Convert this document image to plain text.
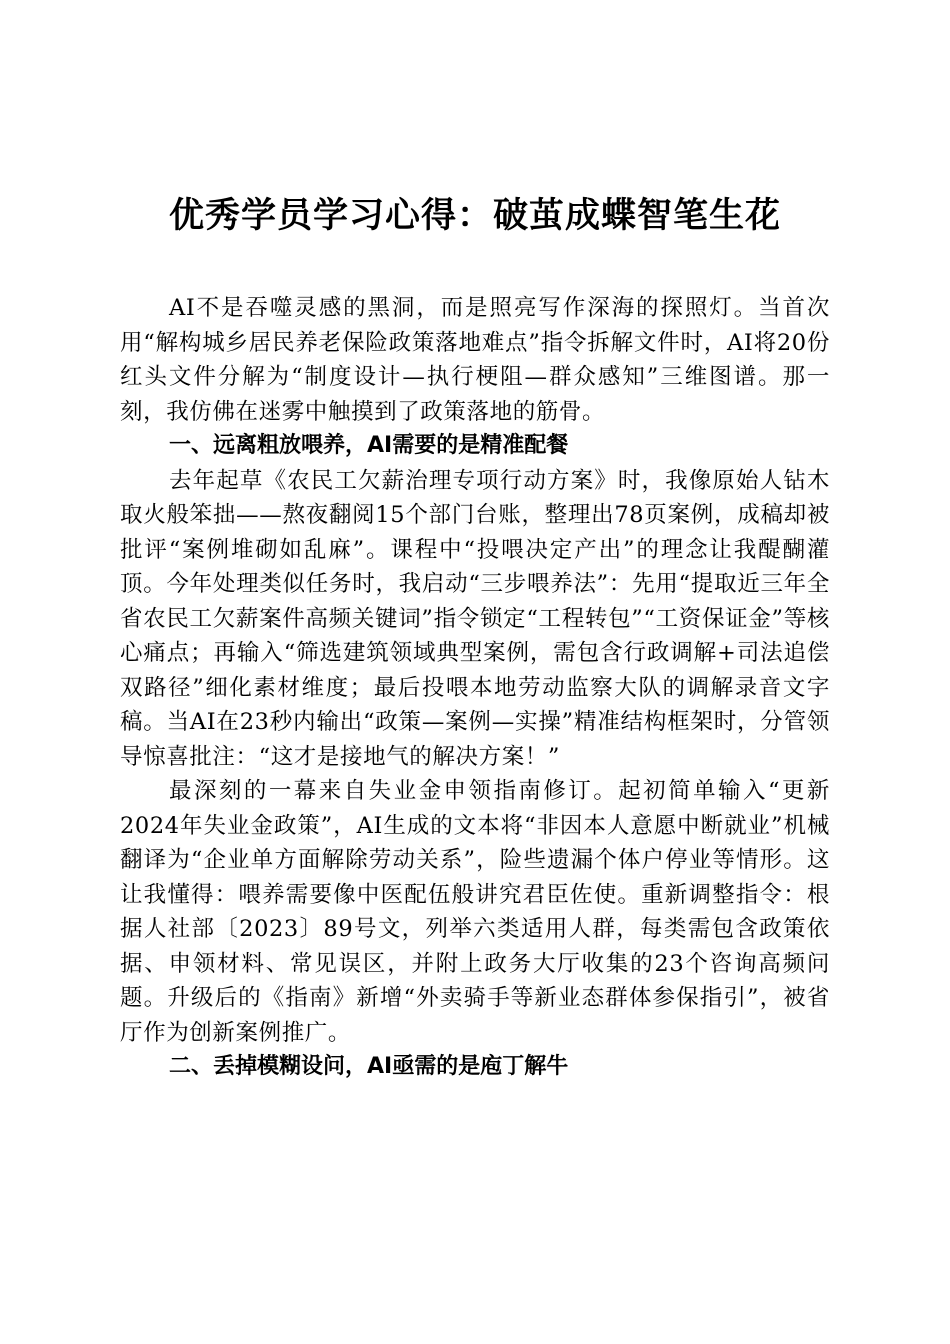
优秀学员学习心得：破茧成蝶智笔生花

AI不是吞噬灵感的黑洞，而是照亮写作深海的探照灯。当首次用“解构城乡居民养老保险政策落地难点”指令拆解文件时，AI将20份红头文件分解为“制度设计—执行梗阻—群众感知”三维图谱。那一刻，我仿佛在迷雾中触摸到了政策落地的筋骨。

一、远离粗放喂养，AI需要的是精准配餐

去年起草《农民工欠薪治理专项行动方案》时，我像原始人钻木取火般笨拙——熬夜翻阅15个部门台账，整理出78页案例，成稿却被批评“案例堆砌如乱麻”。课程中“投喂决定产出”的理念让我醍醐灌顶。今年处理类似任务时，我启动“三步喂养法”：先用“提取近三年全省农民工欠薪案件高频关键词”指令锁定“工程转包”“工资保证金”等核心痛点；再输入“筛选建筑领域典型案例，需包含行政调解+司法追偿双路径”细化素材维度；最后投喂本地劳动监察大队的调解录音文字稿。当AI在23秒内输出“政策—案例—实操”精准结构框架时，分管领导惊喜批注：“这才是接地气的解决方案！”

最深刻的一幕来自失业金申领指南修订。起初简单输入“更新2024年失业金政策”，AI生成的文本将“非因本人意愿中断就业”机械翻译为“企业单方面解除劳动关系”，险些遗漏个体户停业等情形。这让我懂得：喂养需要像中医配伍般讲究君臣佐使。重新调整指令：根据人社部〔2023〕89号文，列举六类适用人群，每类需包含政策依据、申领材料、常见误区，并附上政务大厅收集的23个咨询高频问题。升级后的《指南》新增“外卖骑手等新业态群体参保指引”，被省厅作为创新案例推广。

二、丢掉模糊设问，AI亟需的是庖丁解牛
